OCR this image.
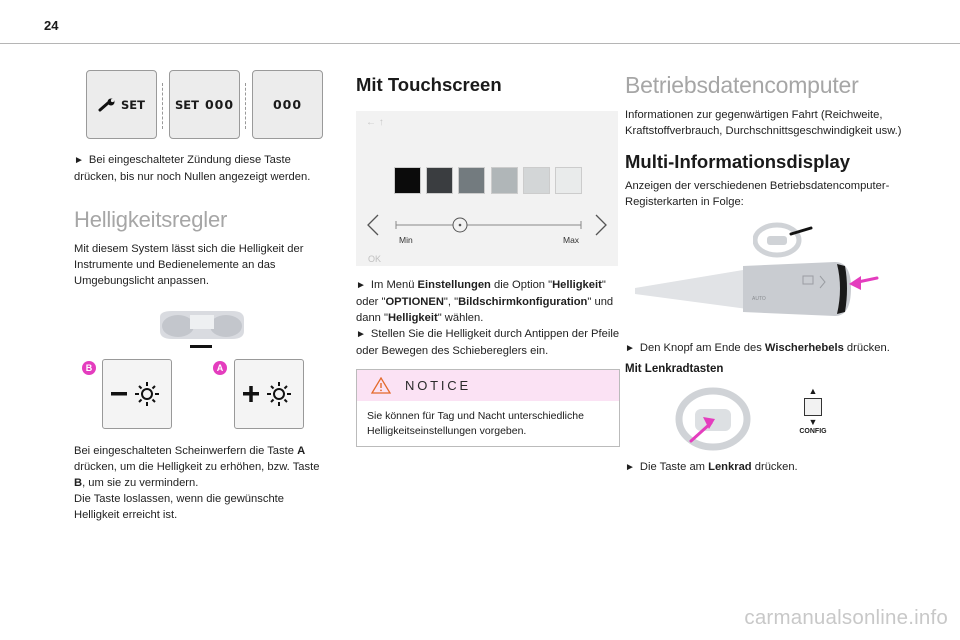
24
SET	SET 000	000

► Bei eingeschalteter Zündung diese Taste drücken, bis nur noch Nullen angezeigt werden.

Helligkeitsregler

Mit diesem System lässt sich die Helligkeit der Instrumente und Bedienelemente an das Umgebungslicht anpassen.

B	A

Bei eingeschalteten Scheinwerfern die Taste A drücken, um die Helligkeit zu erhöhen, bzw. Taste B, um sie zu vermindern.
Die Taste loslassen, wenn die gewünschte Helligkeit erreicht ist.

Mit Touchscreen
← ↑
Min	Max
OK

► Im Menü Einstellungen die Option "Helligkeit" oder "OPTIONEN", "Bildschirmkonfiguration" und dann "Helligkeit" wählen.

► Stellen Sie die Helligkeit durch Antippen der Pfeile oder Bewegen des Schiebereglers ein.

NOTICE

Sie können für Tag und Nacht unterschiedliche Helligkeitseinstellungen vorgeben.

Betriebsdatencomputer

Informationen zur gegenwärtigen Fahrt (Reichweite, Kraftstoffverbrauch, Durchschnittsgeschwindigkeit usw.)

Multi-Informationsdisplay

Anzeigen der verschiedenen Betriebsdatencomputer-Registerkarten in Folge:

AUTO

► Den Knopf am Ende des Wischerhebels drücken.

Mit Lenkradtasten

▲
▼
CONFIG

► Die Taste am Lenkrad drücken.

carmanualsonline.info
